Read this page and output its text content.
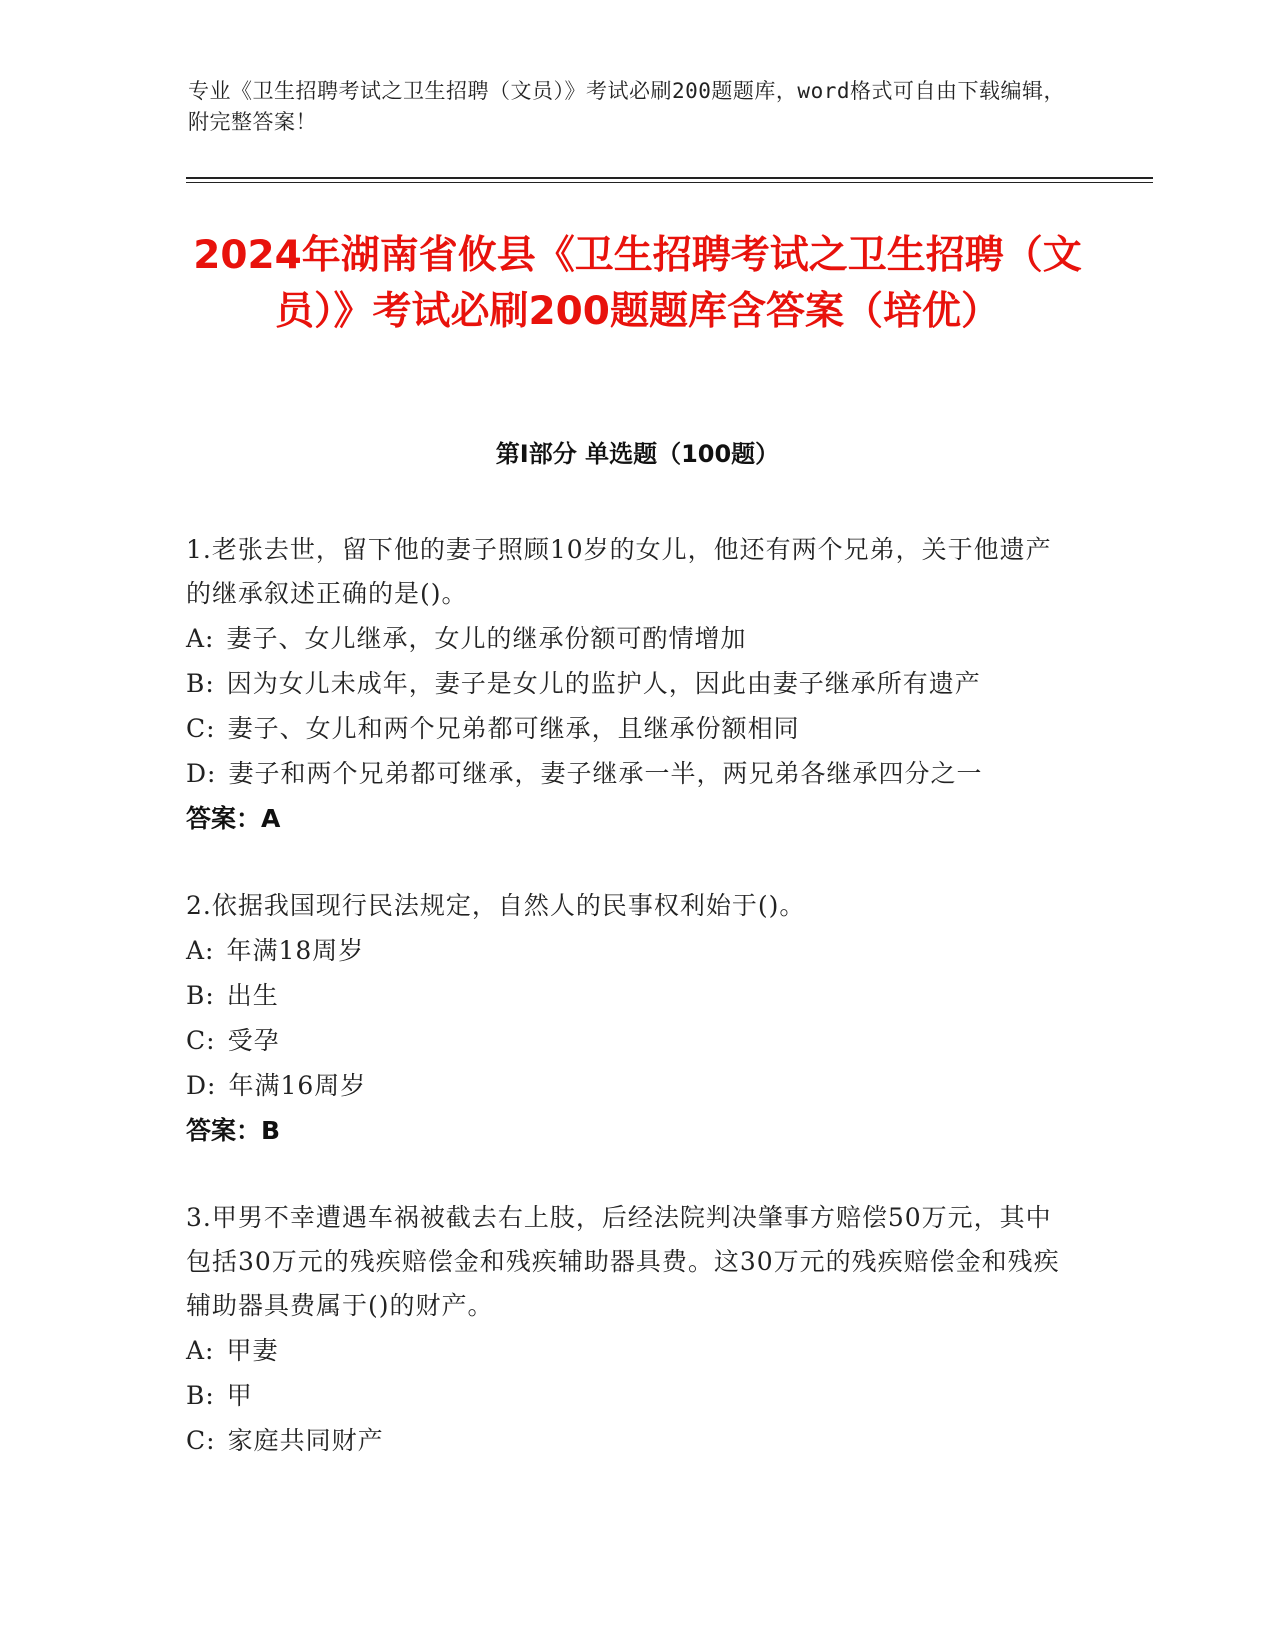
专业《卫生招聘考试之卫生招聘（文员）》考试必刷200题题库，word格式可自由下载编辑，附完整答案！
2024年湖南省攸县《卫生招聘考试之卫生招聘（文员）》考试必刷200题题库含答案（培优）
第Ⅰ部分 单选题（100题）
1.老张去世，留下他的妻子照顾10岁的女儿，他还有两个兄弟，关于他遗产的继承叙述正确的是()。
A: 妻子、女儿继承，女儿的继承份额可酌情增加
B: 因为女儿未成年，妻子是女儿的监护人，因此由妻子继承所有遗产
C: 妻子、女儿和两个兄弟都可继承，且继承份额相同
D: 妻子和两个兄弟都可继承，妻子继承一半，两兄弟各继承四分之一
答案：A
2.依据我国现行民法规定，自然人的民事权利始于()。
A: 年满18周岁
B: 出生
C: 受孕
D: 年满16周岁
答案：B
3.甲男不幸遭遇车祸被截去右上肢，后经法院判决肇事方赔偿50万元，其中包括30万元的残疾赔偿金和残疾辅助器具费。这30万元的残疾赔偿金和残疾辅助器具费属于()的财产。
A: 甲妻
B: 甲
C: 家庭共同财产
